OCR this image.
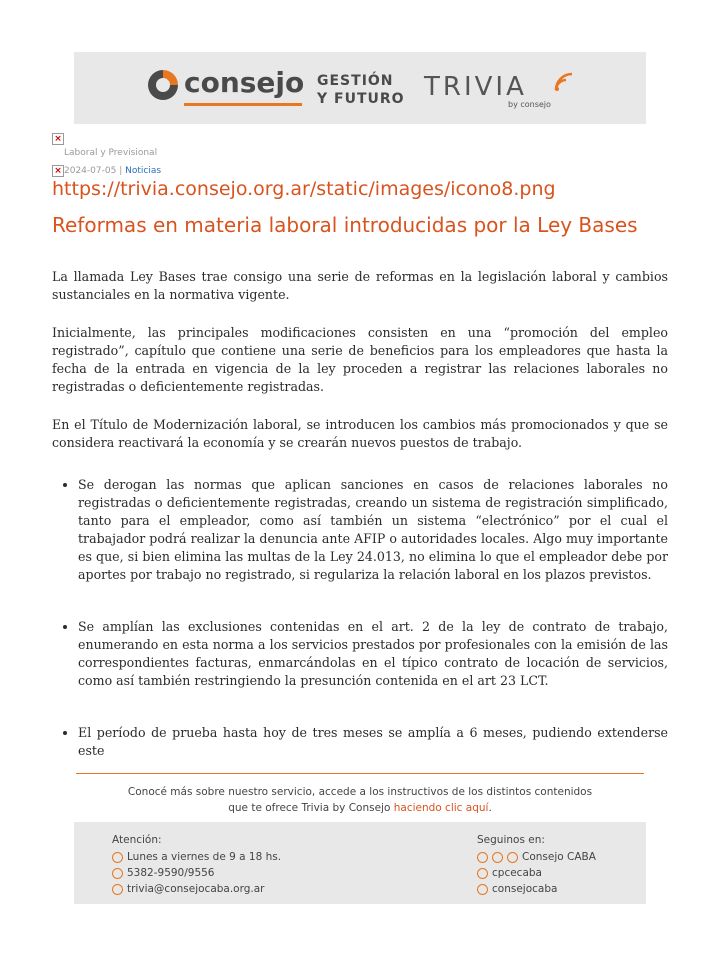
consejo GESTIÓN
Y FUTURO TRIVIA
by consejo
×
Laboral y Previsional
× 2024-07-05 | Noticias
https://trivia.consejo.org.ar/static/images/icono8.png
Reformas en materia laboral introducidas por la Ley Bases

La llamada Ley Bases trae consigo una serie de reformas en la legislación laboral y cambios sustanciales en la normativa vigente.

Inicialmente, las principales modificaciones consisten en una “promoción del empleo registrado”, capítulo que contiene una serie de beneficios para los empleadores que hasta la fecha de la entrada en vigencia de la ley proceden a registrar las relaciones laborales no registradas o deficientemente registradas.

En el Título de Modernización laboral, se introducen los cambios más promocionados y que se considera reactivará la economía y se crearán nuevos puestos de trabajo.

• Se derogan las normas que aplican sanciones en casos de relaciones laborales no registradas o deficientemente registradas, creando un sistema de registración simplificado, tanto para el empleador, como así también un sistema “electrónico” por el cual el trabajador podrá realizar la denuncia ante AFIP o autoridades locales. Algo muy importante es que, si bien elimina las multas de la Ley 24.013, no elimina lo que el empleador debe por aportes por trabajo no registrado, si regulariza la relación laboral en los plazos previstos.
• Se amplían las exclusiones contenidas en el art. 2 de la ley de contrato de trabajo, enumerando en esta norma a los servicios prestados por profesionales con la emisión de las correspondientes facturas, enmarcándolas en el típico contrato de locación de servicios, como así también restringiendo la presunción contenida en el art 23 LCT.
• El período de prueba hasta hoy de tres meses se amplía a 6 meses, pudiendo extenderse este
Conocé más sobre nuestro servicio, accede a los instructivos de los distintos contenidos
que te ofrece Trivia by Consejo haciendo clic aquí.
Atención:
Lunes a viernes de 9 a 18 hs.
5382-9590/9556
trivia@consejocaba.org.ar
Seguinos en:
Consejo CABA
cpcecaba
consejocaba
